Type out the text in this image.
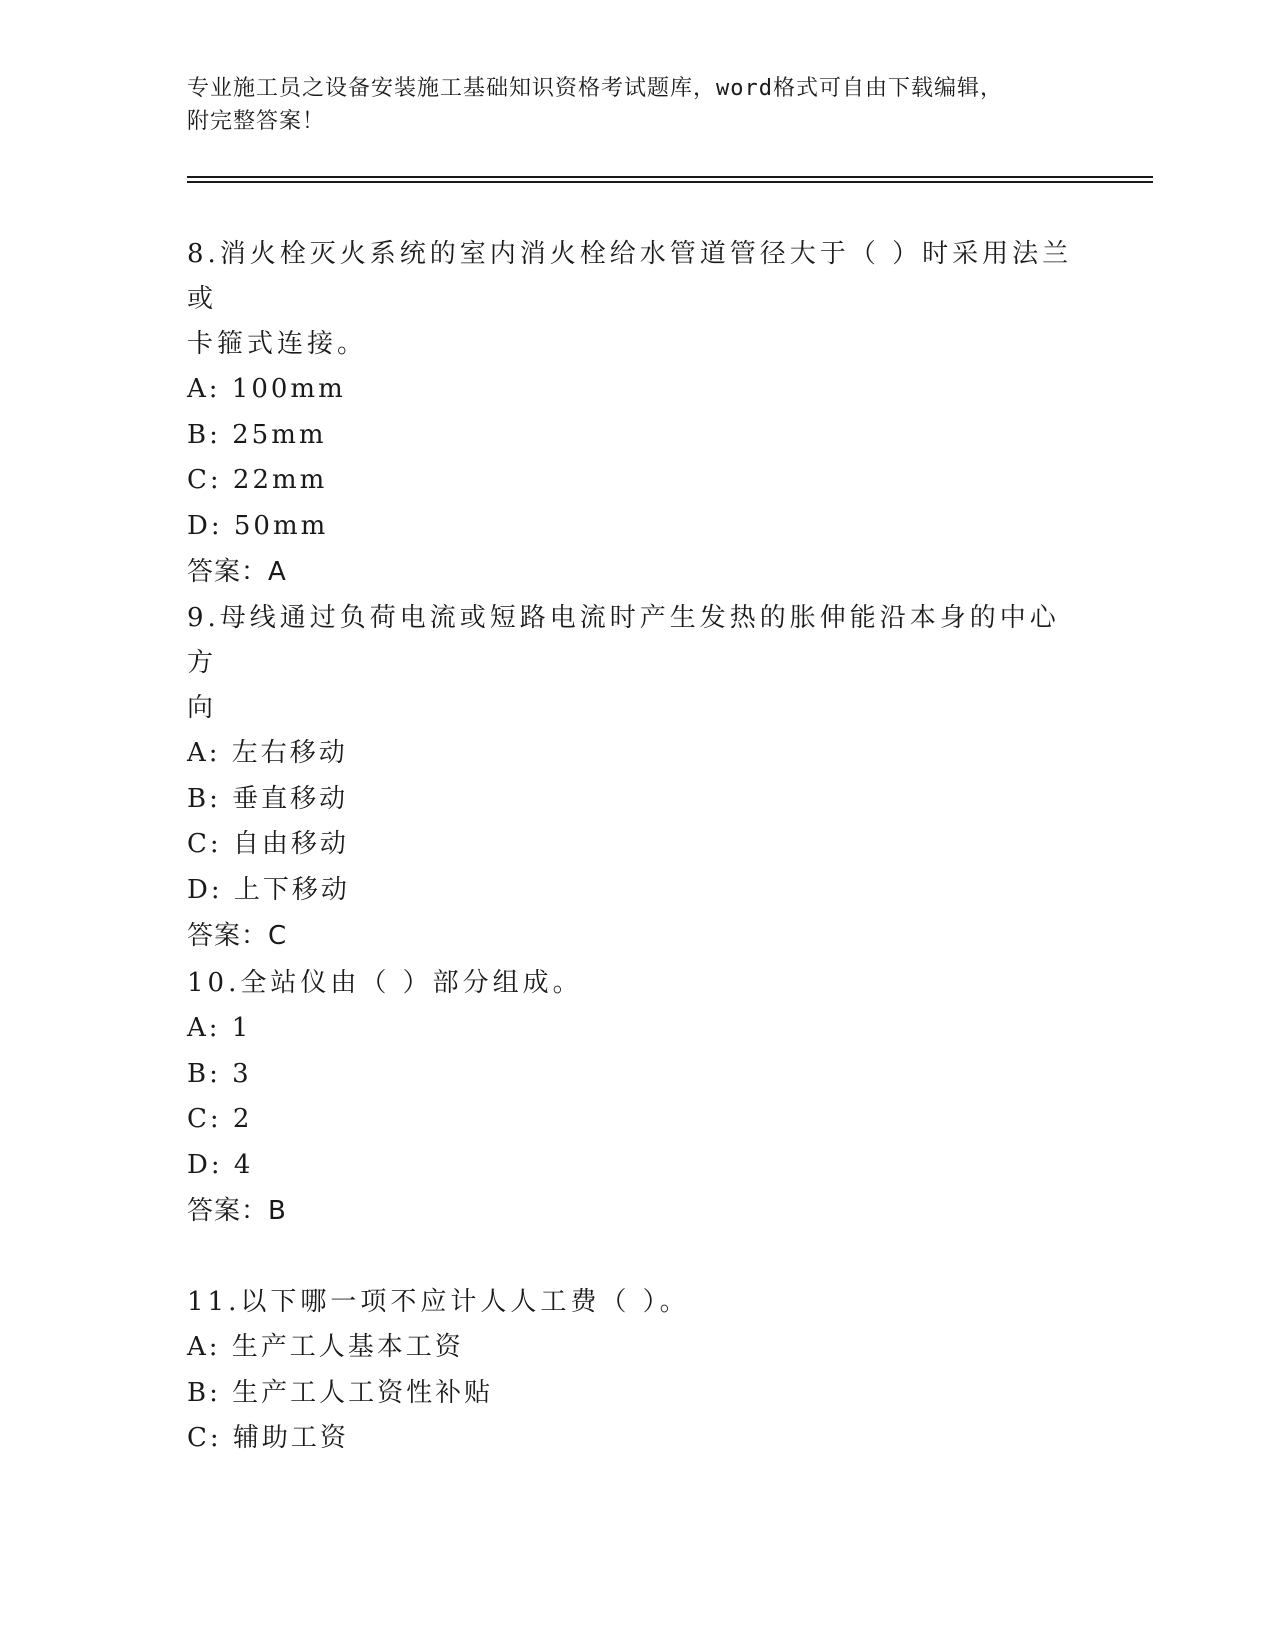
专业施工员之设备安装施工基础知识资格考试题库，word格式可自由下载编辑，
附完整答案！

8.消火栓灭火系统的室内消火栓给水管道管径大于（ ）时采用法兰或

卡箍式连接。

A: 100mm

B: 25mm

C: 22mm

D: 50mm

答案：A

9.母线通过负荷电流或短路电流时产生发热的胀伸能沿本身的中心方

向

A: 左右移动

B: 垂直移动

C: 自由移动

D: 上下移动

答案：C

10.全站仪由（ ）部分组成。

A: 1

B: 3

C: 2

D: 4

答案：B

11.以下哪一项不应计人人工费（ ）。

A: 生产工人基本工资

B: 生产工人工资性补贴

C: 辅助工资
